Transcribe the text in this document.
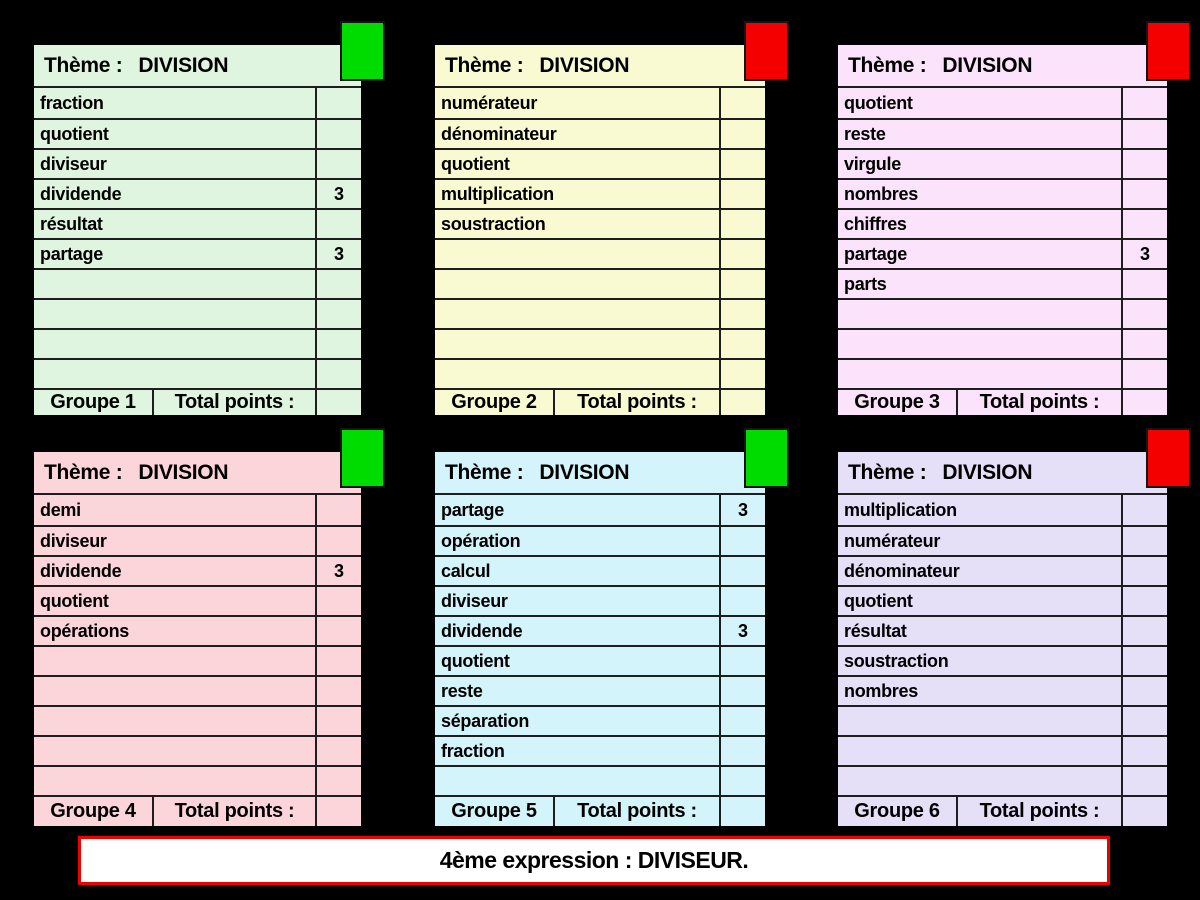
Thème : DIVISION
fraction
quotient
diviseur
dividende	3
résultat
partage	3
Groupe 1	Total points :
Thème : DIVISION
numérateur
dénominateur
quotient
multiplication
soustraction
Groupe 2	Total points :
Thème : DIVISION
quotient
reste
virgule
nombres
chiffres
partage	3
parts
Groupe 3	Total points :
Thème : DIVISION
demi
diviseur
dividende	3
quotient
opérations
Groupe 4	Total points :
Thème : DIVISION
partage	3
opération
calcul
diviseur
dividende	3
quotient
reste
séparation
fraction
Groupe 5	Total points :
Thème : DIVISION
multiplication
numérateur
dénominateur
quotient
résultat
soustraction
nombres
Groupe 6	Total points :
4ème expression : DIVISEUR.
